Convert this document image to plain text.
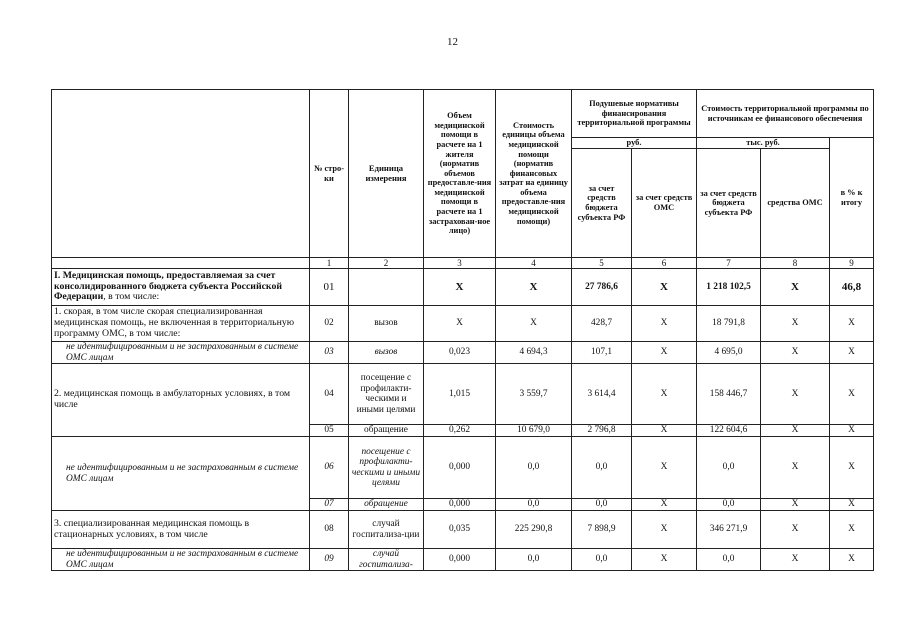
12
	№ стро-ки	Единица измерения	Объем медицинской помощи в расчете на 1 жителя (норматив объемов предоставле-ния медицинской помощи в расчете на 1 застрахован-ное лицо)	Стоимость единицы объема медицинской помощи (норматив финансовых затрат на единицу объема предоставле-ния медицинской помощи)	Подушевые нормативы финансирования территориальной программы		Стоимость территориальной программы по источникам ее финансового обеспечения		
					руб.		тыс. руб.		в % к итогу
					за счет средств бюджета субъекта РФ	за счет средств ОМС	за счет средств бюджета субъекта РФ	средства ОМС	
	1	2	3	4	5	6	7	8	9
I. Медицинская помощь, предоставляемая за счет консолидированного бюджета субъекта Российской Федерации, в том числе:	01		X	X	27 786,6	X	1 218 102,5	X	46,8
1. скорая, в том числе скорая специализированная медицинская помощь, не включенная в территориальную программу ОМС, в том числе:	02	вызов	X	X	428,7	X	18 791,8	X	X
не идентифицированным и не застрахованным в системе ОМС лицам	03	вызов	0,023	4 694,3	107,1	X	4 695,0	X	X
2. медицинская помощь в амбулаторных условиях, в том числе	04	посещение с профилакти-ческими и иными целями	1,015	3 559,7	3 614,4	X	158 446,7	X	X
	05	обращение	0,262	10 679,0	2 796,8	X	122 604,6	X	X
не идентифицированным и не застрахованным в системе ОМС лицам	06	посещение с профилакти-ческими и иными целями	0,000	0,0	0,0	X	0,0	X	X
	07	обращение	0,000	0,0	0,0	X	0,0	X	X
3. специализированная медицинская помощь в стационарных условиях, в том числе	08	случай госпитализа-ции	0,035	225 290,8	7 898,9	X	346 271,9	X	X
не идентифицированным и не застрахованным в системе ОМС лицам	09	случай госпитализа-	0,000	0,0	0,0	X	0,0	X	X
